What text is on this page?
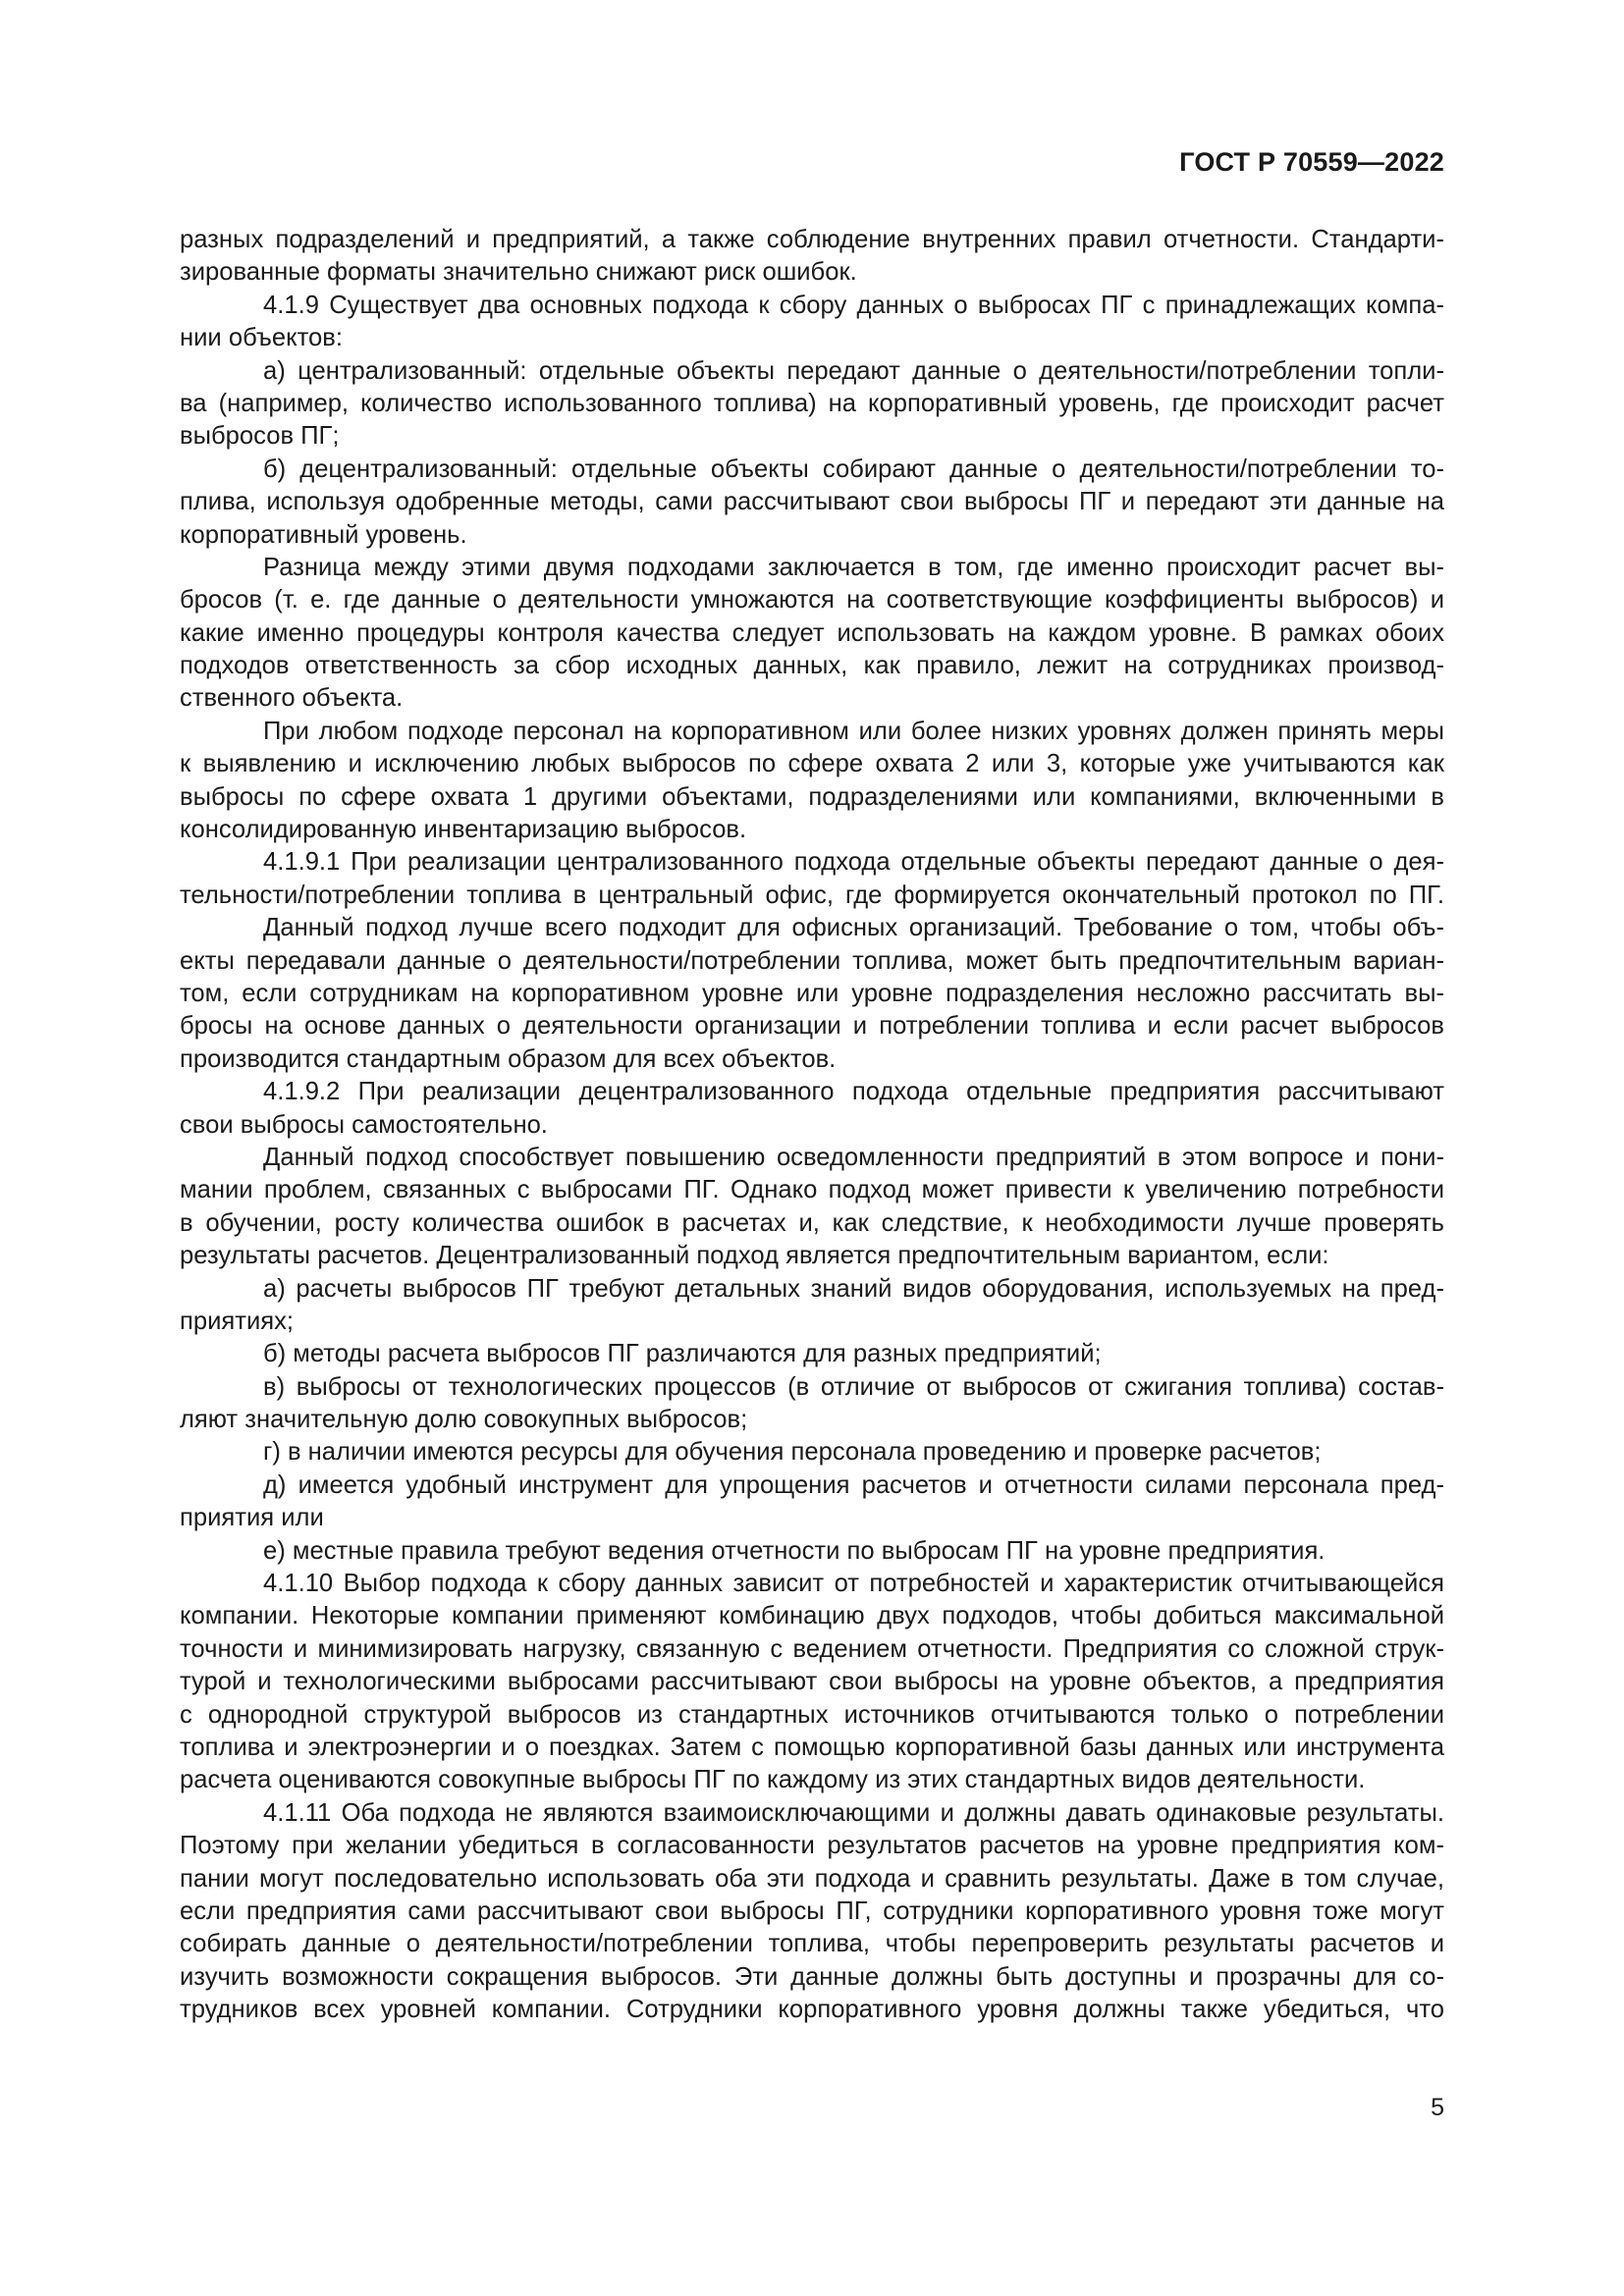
ГОСТ Р 70559—2022
разных подразделений и предприятий, а также соблюдение внутренних правил отчетности. Стандарти-
зированные форматы значительно снижают риск ошибок.
4.1.9 Существует два основных подхода к сбору данных о выбросах ПГ с принадлежащих компа-
нии объектов:
а) централизованный: отдельные объекты передают данные о деятельности/потреблении топли-
ва (например, количество использованного топлива) на корпоративный уровень, где происходит расчет
выбросов ПГ;
б) децентрализованный: отдельные объекты собирают данные о деятельности/потреблении то-
плива, используя одобренные методы, сами рассчитывают свои выбросы ПГ и передают эти данные на
корпоративный уровень.
Разница между этими двумя подходами заключается в том, где именно происходит расчет вы-
бросов (т. е. где данные о деятельности умножаются на соответствующие коэффициенты выбросов) и
какие именно процедуры контроля качества следует использовать на каждом уровне. В рамках обоих
подходов ответственность за сбор исходных данных, как правило, лежит на сотрудниках производ-
ственного объекта.
При любом подходе персонал на корпоративном или более низких уровнях должен принять меры
к выявлению и исключению любых выбросов по сфере охвата 2 или 3, которые уже учитываются как
выбросы по сфере охвата 1 другими объектами, подразделениями или компаниями, включенными в
консолидированную инвентаризацию выбросов.
4.1.9.1 При реализации централизованного подхода отдельные объекты передают данные о дея-
тельности/потреблении топлива в центральный офис, где формируется окончательный протокол по ПГ.
Данный подход лучше всего подходит для офисных организаций. Требование о том, чтобы объ-
екты передавали данные о деятельности/потреблении топлива, может быть предпочтительным вариан-
том, если сотрудникам на корпоративном уровне или уровне подразделения несложно рассчитать вы-
бросы на основе данных о деятельности организации и потреблении топлива и если расчет выбросов
производится стандартным образом для всех объектов.
4.1.9.2 При реализации децентрализованного подхода отдельные предприятия рассчитывают
свои выбросы самостоятельно.
Данный подход способствует повышению осведомленности предприятий в этом вопросе и пони-
мании проблем, связанных с выбросами ПГ. Однако подход может привести к увеличению потребности
в обучении, росту количества ошибок в расчетах и, как следствие, к необходимости лучше проверять
результаты расчетов. Децентрализованный подход является предпочтительным вариантом, если:
а) расчеты выбросов ПГ требуют детальных знаний видов оборудования, используемых на пред-
приятиях;
б) методы расчета выбросов ПГ различаются для разных предприятий;
в) выбросы от технологических процессов (в отличие от выбросов от сжигания топлива) состав-
ляют значительную долю совокупных выбросов;
г) в наличии имеются ресурсы для обучения персонала проведению и проверке расчетов;
д) имеется удобный инструмент для упрощения расчетов и отчетности силами персонала пред-
приятия или
е) местные правила требуют ведения отчетности по выбросам ПГ на уровне предприятия.
4.1.10 Выбор подхода к сбору данных зависит от потребностей и характеристик отчитывающейся
компании. Некоторые компании применяют комбинацию двух подходов, чтобы добиться максимальной
точности и минимизировать нагрузку, связанную с ведением отчетности. Предприятия со сложной струк-
турой и технологическими выбросами рассчитывают свои выбросы на уровне объектов, а предприятия
с однородной структурой выбросов из стандартных источников отчитываются только о потреблении
топлива и электроэнергии и о поездках. Затем с помощью корпоративной базы данных или инструмента
расчета оцениваются совокупные выбросы ПГ по каждому из этих стандартных видов деятельности.
4.1.11 Оба подхода не являются взаимоисключающими и должны давать одинаковые результаты.
Поэтому при желании убедиться в согласованности результатов расчетов на уровне предприятия ком-
пании могут последовательно использовать оба эти подхода и сравнить результаты. Даже в том случае,
если предприятия сами рассчитывают свои выбросы ПГ, сотрудники корпоративного уровня тоже могут
собирать данные о деятельности/потреблении топлива, чтобы перепроверить результаты расчетов и
изучить возможности сокращения выбросов. Эти данные должны быть доступны и прозрачны для со-
трудников всех уровней компании. Сотрудники корпоративного уровня должны также убедиться, что
5
